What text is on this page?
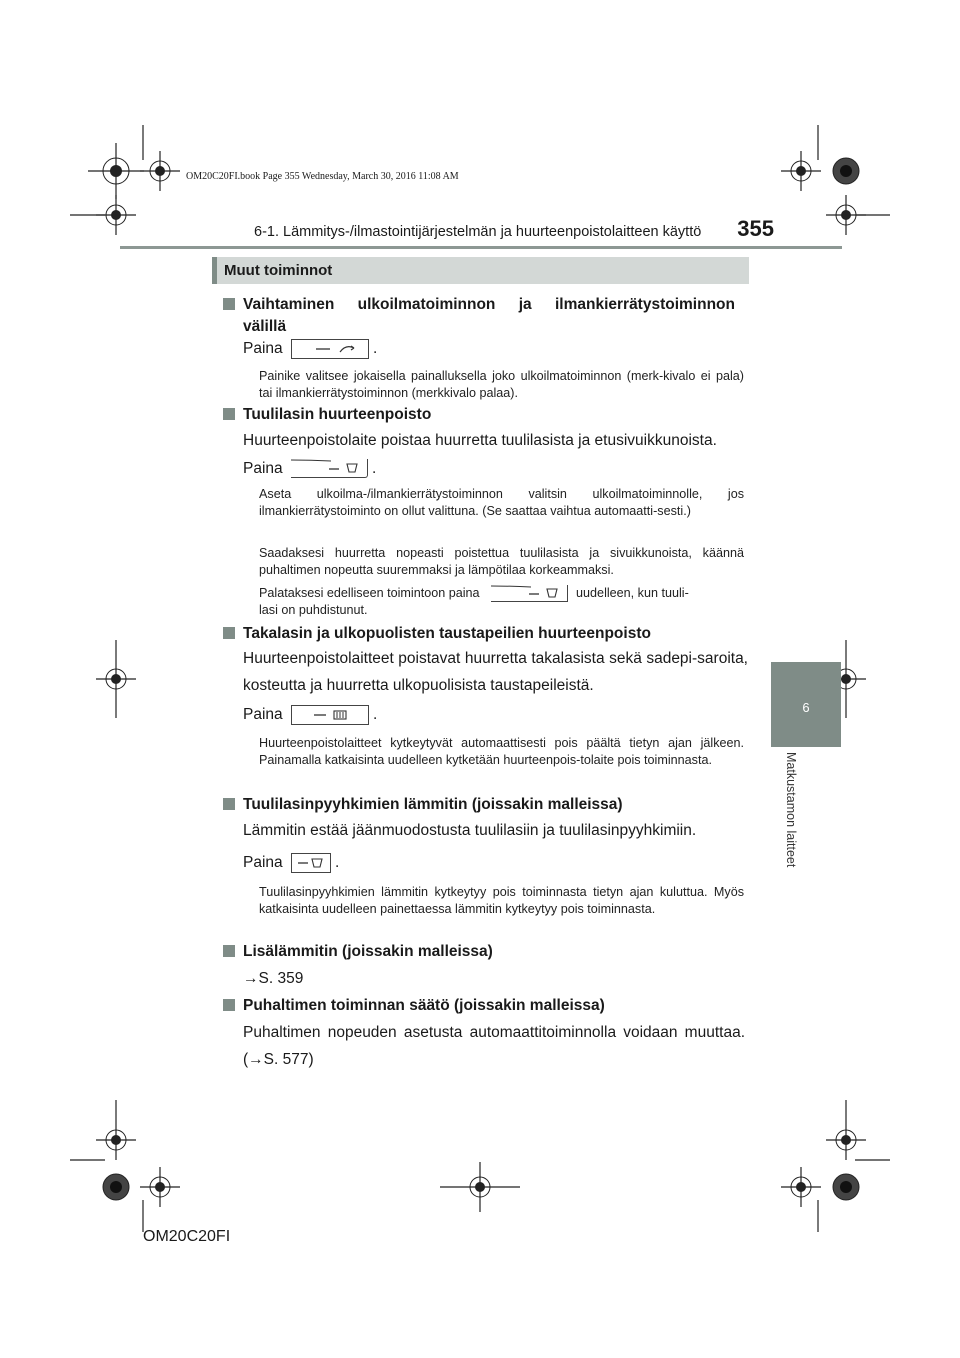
OM20C20FI.book Page 355 Wednesday, March 30, 2016 11:08 AM
6-1. Lämmitys-/ilmastointijärjestelmän ja huurteenpoistolaitteen käyttö	355
6
Matkustamon laitteet
Muut toiminnot
Vaihtaminen ulkoilmatoiminnon ja ilmankierrätystoiminnon
välillä
Paina	.
Painike valitsee jokaisella painalluksella joko ulkoilmatoiminnon (merk-kivalo ei pala) tai ilmankierrätystoiminnon (merkkivalo palaa).
Tuulilasin huurteenpoisto
Huurteenpoistolaite poistaa huurretta tuulilasista ja etusivuikkunoista.
Paina	.
Aseta ulkoilma-/ilmankierrätystoiminnon valitsin ulkoilmatoiminnolle, jos ilmankierrätystoiminto on ollut valittuna. (Se saattaa vaihtua automaatti-sesti.)
Saadaksesi huurretta nopeasti poistettua tuulilasista ja sivuikkunoista, käännä puhaltimen nopeutta suuremmaksi ja lämpötilaa korkeammaksi.
Palataksesi edelliseen toimintoon paina	uudelleen, kun tuuli-
lasi on puhdistunut.
Takalasin ja ulkopuolisten taustapeilien huurteenpoisto
Huurteenpoistolaitteet poistavat huurretta takalasista sekä sadepi-saroita, kosteutta ja huurretta ulkopuolisista taustapeileistä.
Paina	.
Huurteenpoistolaitteet kytkeytyvät automaattisesti pois päältä tietyn ajan jälkeen. Painamalla katkaisinta uudelleen kytketään huurteenpois-tolaite pois toiminnasta.
Tuulilasinpyyhkimien lämmitin (joissakin malleissa)
Lämmitin estää jäänmuodostusta tuulilasiin ja tuulilasinpyyhkimiin.
Paina	.
Tuulilasinpyyhkimien lämmitin kytkeytyy pois toiminnasta tietyn ajan kuluttua. Myös katkaisinta uudelleen painettaessa lämmitin kytkeytyy pois toiminnasta.
Lisälämmitin (joissakin malleissa)
→S. 359
Puhaltimen toiminnan säätö (joissakin malleissa)
Puhaltimen nopeuden asetusta automaattitoiminnolla voidaan muuttaa. (→S. 577)
OM20C20FI
